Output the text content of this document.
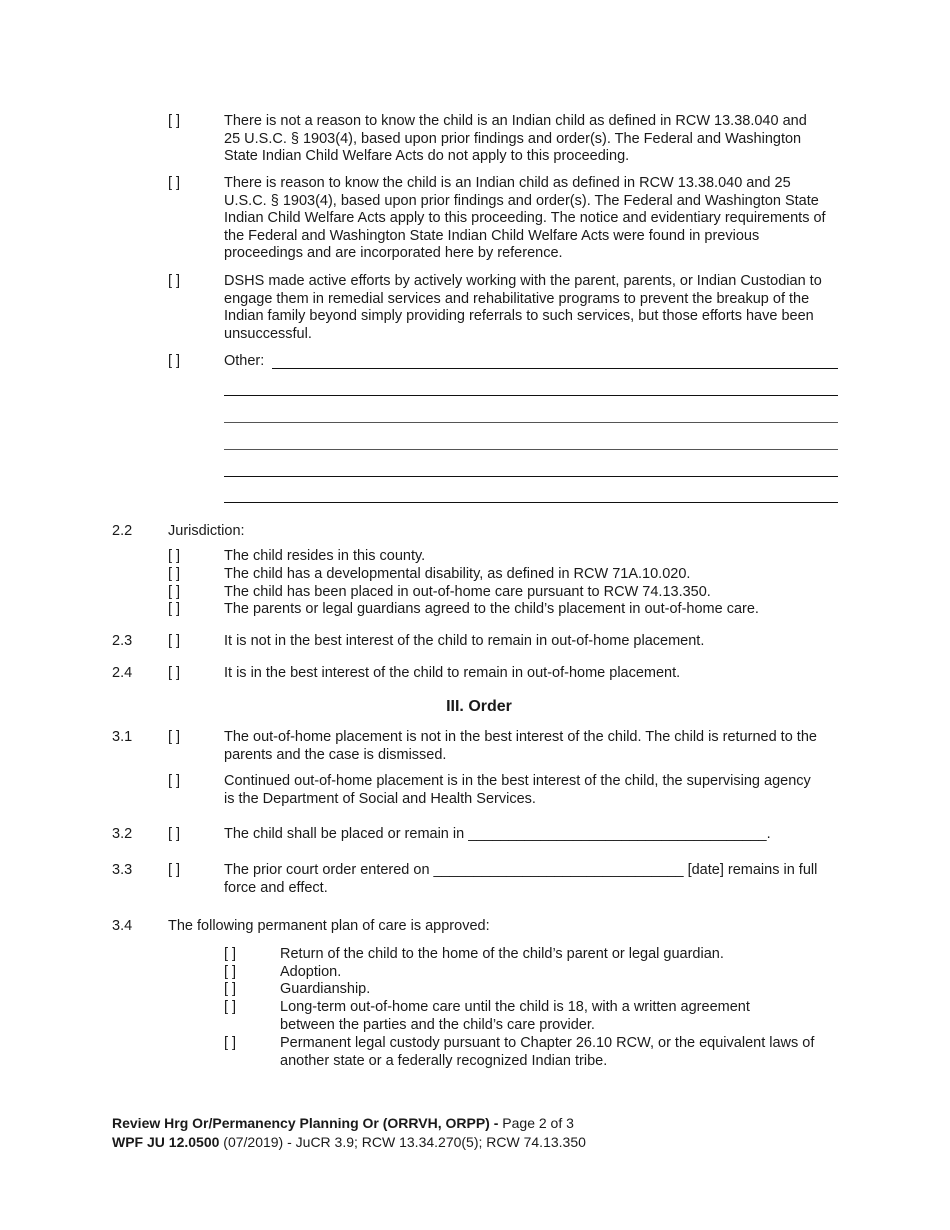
[ ]	There is not a reason to know the child is an Indian child as defined in RCW 13.38.040 and 25 U.S.C. § 1903(4), based upon prior findings and order(s). The Federal and Washington State Indian Child Welfare Acts do not apply to this proceeding.
[ ]	There is reason to know the child is an Indian child as defined in RCW 13.38.040 and 25 U.S.C. § 1903(4), based upon prior findings and order(s). The Federal and Washington State Indian Child Welfare Acts apply to this proceeding. The notice and evidentiary requirements of the Federal and Washington State Indian Child Welfare Acts were found in previous proceedings and are incorporated here by reference.
[ ]	DSHS made active efforts by actively working with the parent, parents, or Indian Custodian to engage them in remedial services and rehabilitative programs to prevent the breakup of the Indian family beyond simply providing referrals to such services, but those efforts have been unsuccessful.
[ ]	Other:
2.2 Jurisdiction:
[ ]	The child resides in this county.
[ ]	The child has a developmental disability, as defined in RCW 71A.10.020.
[ ]	The child has been placed in out-of-home care pursuant to RCW 74.13.350.
[ ]	The parents or legal guardians agreed to the child’s placement in out-of-home care.
2.3 [ ]	It is not in the best interest of the child to remain in out-of-home placement.
2.4 [ ]	It is in the best interest of the child to remain in out-of-home placement.
III. Order
3.1 [ ]	The out-of-home placement is not in the best interest of the child. The child is returned to the parents and the case is dismissed.
[ ]	Continued out-of-home placement is in the best interest of the child, the supervising agency is the Department of Social and Health Services.
3.2 [ ]	The child shall be placed or remain in _____________________________________.
3.3 [ ]	The prior court order entered on _______________________________ [date] remains in full force and effect.
3.4 The following permanent plan of care is approved:
[ ]	Return of the child to the home of the child’s parent or legal guardian.
[ ]	Adoption.
[ ]	Guardianship.
[ ]	Long-term out-of-home care until the child is 18, with a written agreement between the parties and the child’s care provider.
[ ]	Permanent legal custody pursuant to Chapter 26.10 RCW, or the equivalent laws of another state or a federally recognized Indian tribe.
Review Hrg Or/Permanency Planning Or (ORRVH, ORPP) - Page 2 of 3
WPF JU 12.0500 (07/2019) - JuCR 3.9; RCW 13.34.270(5); RCW 74.13.350
